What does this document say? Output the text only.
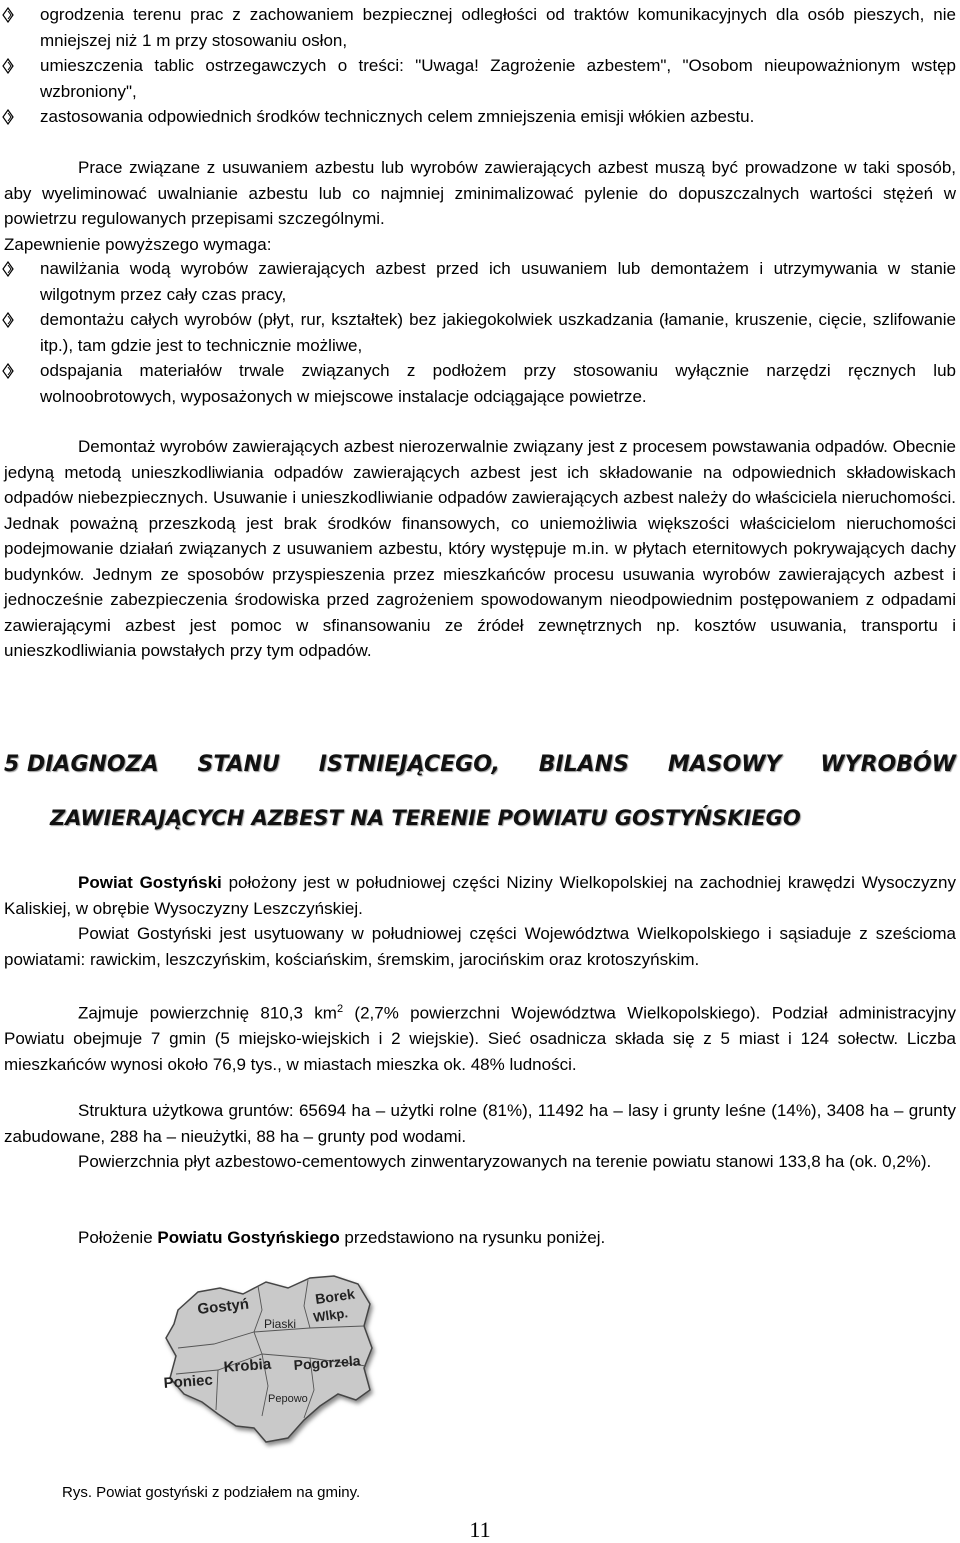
ogrodzenia terenu prac z zachowaniem bezpiecznej odległości od traktów komunikacyjnych dla osób pieszych, nie mniejszej niż 1 m przy stosowaniu osłon,
umieszczenia tablic ostrzegawczych o treści: "Uwaga! Zagrożenie azbestem", "Osobom nieupoważnionym wstęp wzbroniony",
zastosowania odpowiednich środków technicznych celem zmniejszenia emisji włókien azbestu.

Prace związane z usuwaniem azbestu lub wyrobów zawierających azbest muszą być prowadzone w taki sposób, aby wyeliminować uwalnianie azbestu lub co najmniej zminimalizować pylenie do dopuszczalnych wartości stężeń w powietrzu regulowanych przepisami szczególnymi.

Zapewnienie powyższego wymaga:

nawilżania wodą wyrobów zawierających azbest przed ich usuwaniem lub demontażem i utrzymywania w stanie wilgotnym przez cały czas pracy,
demontażu całych wyrobów (płyt, rur, kształtek) bez jakiegokolwiek uszkadzania (łamanie, kruszenie, cięcie, szlifowanie itp.), tam gdzie jest to technicznie możliwe,
odspajania materiałów trwale związanych z podłożem przy stosowaniu wyłącznie narzędzi ręcznych lub wolnoobrotowych, wyposażonych w miejscowe instalacje odciągające powietrze.

Demontaż wyrobów zawierających azbest nierozerwalnie związany jest z procesem powstawania odpadów. Obecnie jedyną metodą unieszkodliwiania odpadów zawierających azbest jest ich składowanie na odpowiednich składowiskach odpadów niebezpiecznych. Usuwanie i unieszkodliwianie odpadów zawierających azbest należy do właściciela nieruchomości. Jednak poważną przeszkodą jest brak środków finansowych, co uniemożliwia większości właścicielom nieruchomości podejmowanie działań związanych z usuwaniem azbestu, który występuje m.in. w płytach eternitowych pokrywających dachy budynków. Jednym ze sposobów przyspieszenia przez mieszkańców procesu usuwania wyrobów zawierających azbest i jednocześnie zabezpieczenia środowiska przed zagrożeniem spowodowanym nieodpowiednim postępowaniem z odpadami zawierającymi azbest jest pomoc w sfinansowaniu ze źródeł zewnętrznych np. kosztów usuwania, transportu i unieszkodliwiania powstałych przy tym odpadów.

5 DIAGNOZA STANU ISTNIEJĄCEGO, BILANS MASOWY WYROBÓW
ZAWIERAJĄCYCH AZBEST NA TERENIE POWIATU GOSTYŃSKIEGO

Powiat Gostyński położony jest w południowej części Niziny Wielkopolskiej na zachodniej krawędzi Wysoczyzny Kaliskiej, w obrębie Wysoczyzny Leszczyńskiej.

Powiat Gostyński jest usytuowany w południowej części Województwa Wielkopolskiego i sąsiaduje z sześcioma powiatami: rawickim, leszczyńskim, kościańskim, śremskim, jarocińskim oraz krotoszyńskim.

Zajmuje powierzchnię 810,3 $km^2$ (2,7% powierzchni Województwa Wielkopolskiego). Podział administracyjny Powiatu obejmuje 7 gmin (5 miejsko-wiejskich i 2 wiejskie). Sieć osadnicza składa się z 5 miast i 124 sołectw. Liczba mieszkańców wynosi około 76,9 tys., w miastach mieszka ok. 48% ludności.

Struktura użytkowa gruntów: 65694 ha – użytki rolne (81%), 11492 ha – lasy i grunty leśne (14%), 3408 ha – grunty zabudowane, 288 ha – nieużytki, 88 ha – grunty pod wodami.

Powierzchnia płyt azbestowo-cementowych zinwentaryzowanych na terenie powiatu stanowi 133,8 ha (ok. 0,2%).

Położenie Powiatu Gostyńskiego przedstawiono na rysunku poniżej.

Gostyń	Borek
Wlkp.
Piaski
Krobia Pogorzela
Poniec
Pepowo
Rys. Powiat gostyński z podziałem na gminy.
11
